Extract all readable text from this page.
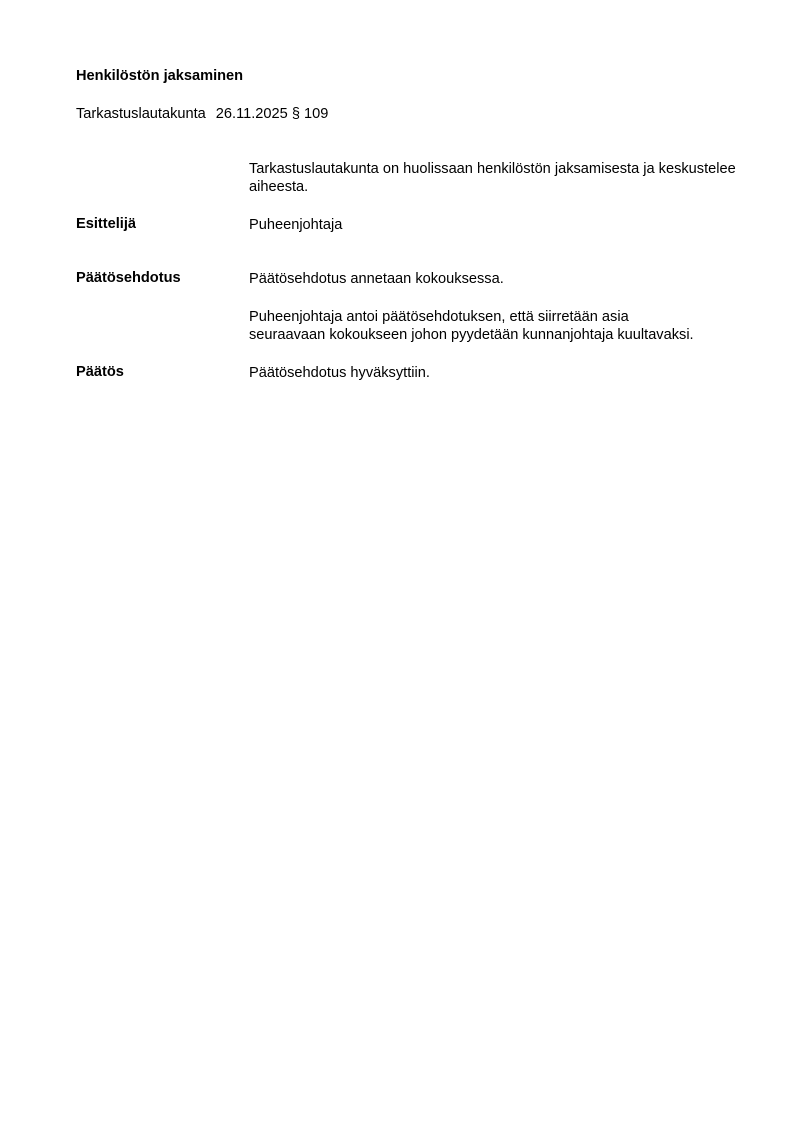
Henkilöstön jaksaminen
Tarkastuslautakunta 26.11.2025 § 109
Tarkastuslautakunta on huolissaan henkilöstön jaksamisesta ja keskustelee aiheesta.
Esittelijä	Puheenjohtaja
Päätösehdotus	Päätösehdotus annetaan kokouksessa.

Puheenjohtaja antoi päätösehdotuksen, että siirretään asia
seuraavaan kokoukseen johon pyydetään kunnanjohtaja kuultavaksi.
Päätös	Päätösehdotus hyväksyttiin.
